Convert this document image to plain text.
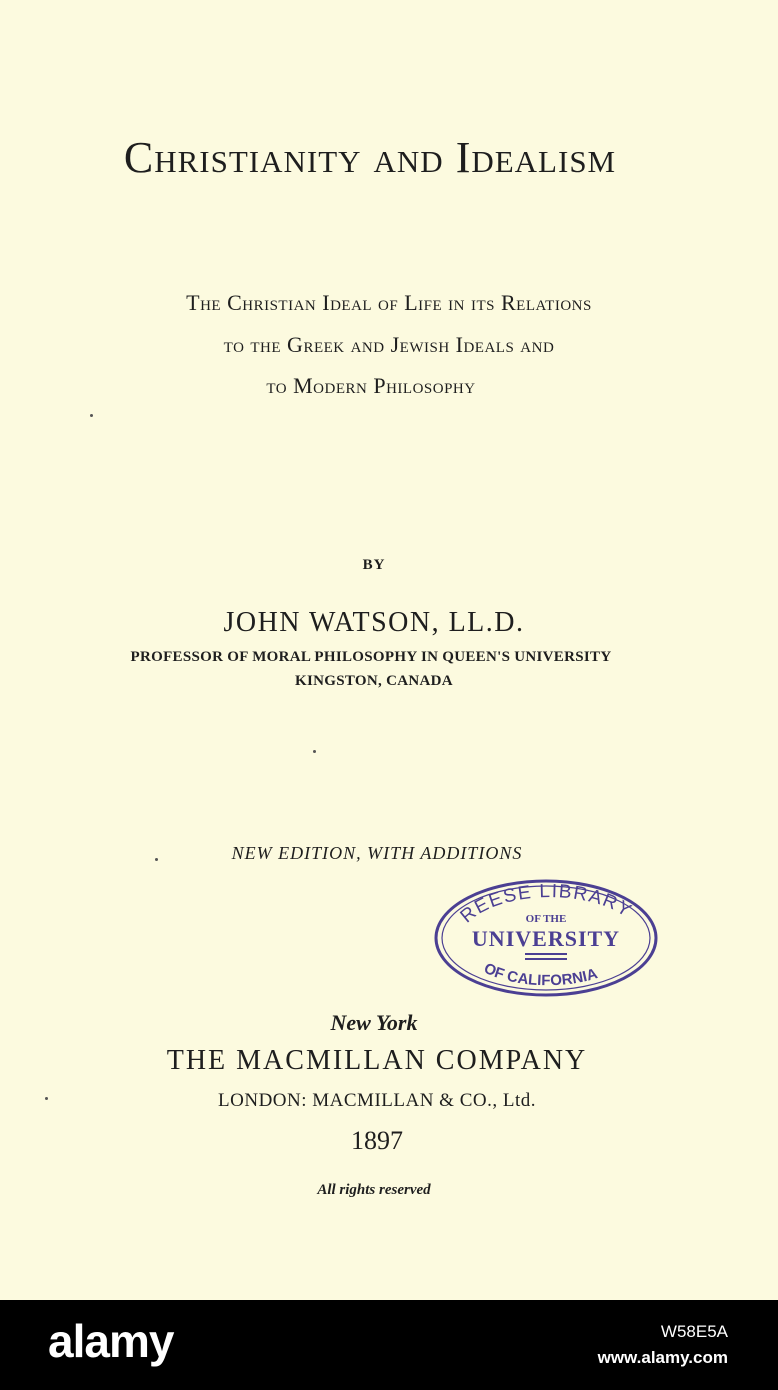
Christianity and Idealism
The Christian Ideal of Life in its Relations
to the Greek and Jewish Ideals and
to Modern Philosophy
BY
JOHN WATSON, LL.D.
PROFESSOR OF MORAL PHILOSOPHY IN QUEEN'S UNIVERSITY
KINGSTON, CANADA
NEW EDITION, WITH ADDITIONS
REESE LIBRARY
OF THE
UNIVERSITY
OF CALIFORNIA
New York
THE MACMILLAN COMPANY
LONDON: MACMILLAN & CO., Ltd.
1897
All rights reserved
alamy	W58E5A
www.alamy.com
